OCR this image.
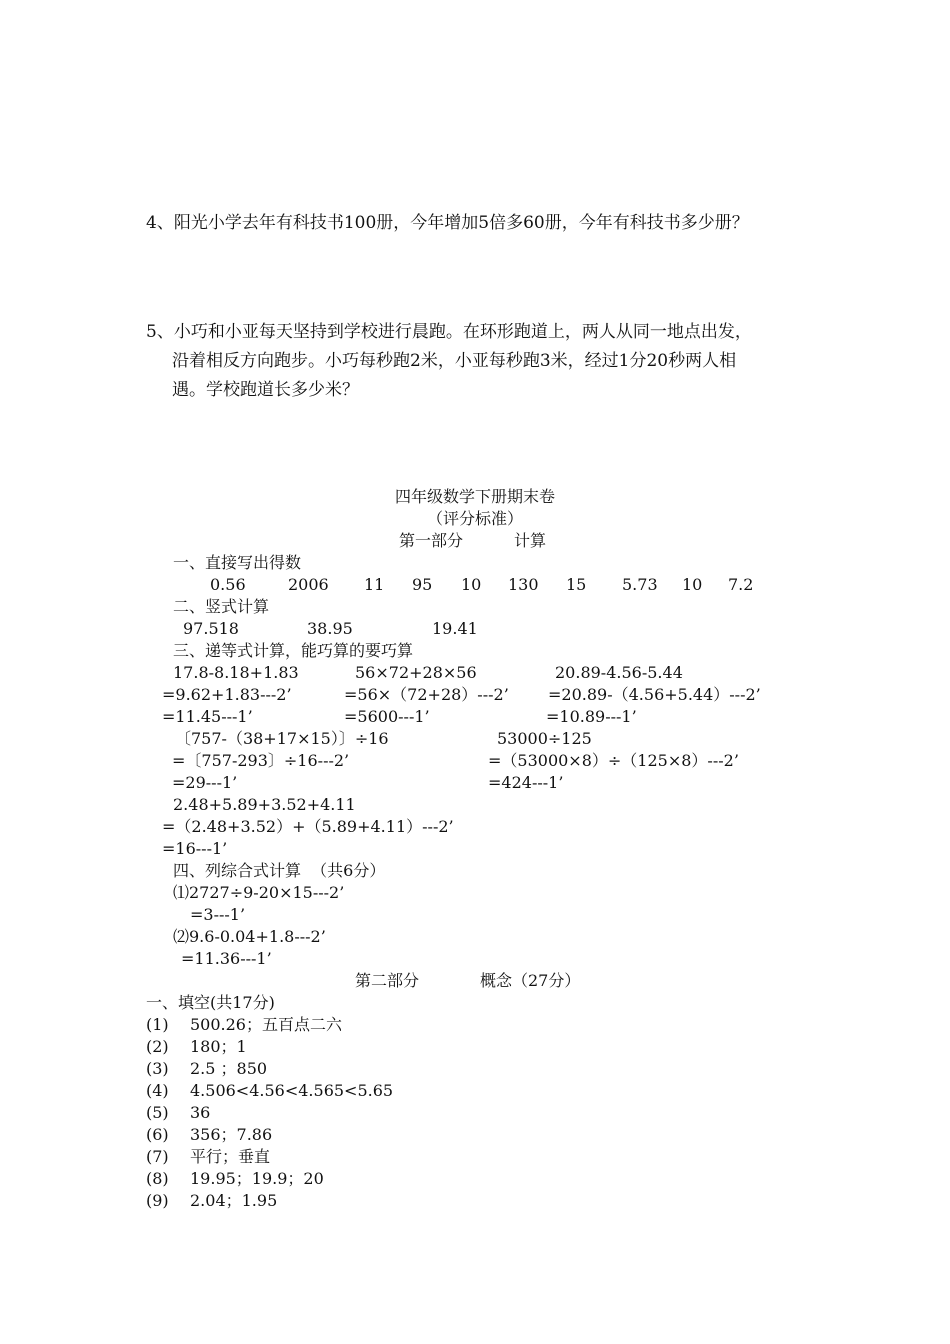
4、阳光小学去年有科技书100册，今年增加5倍多60册，今年有科技书多少册？
5、小巧和小亚每天坚持到学校进行晨跑。在环形跑道上，两人从同一地点出发，
沿着相反方向跑步。小巧每秒跑2米，小亚每秒跑3米，经过1分20秒两人相
遇。学校跑道长多少米？
四年级数学下册期末卷
（评分标准）
第一部分	计算
一、直接写出得数
0.56	2006 11 95 10 130 15 5.73 10 7.2
二、竖式计算
97.518	38.95	19.41
三、递等式计算，能巧算的要巧算
17.8-8.18+1.83
=9.62+1.83---2’
=11.45---1’
56×72+28×56
=56×（72+28）---2’
=5600---1’
20.89-4.56-5.44
=20.89-（4.56+5.44）---2’
=10.89---1’
〔757-（38+17×15）〕÷16
=〔757-293〕÷16---2’
=29---1’
53000÷125
=（53000×8）÷（125×8）---2’
=424---1’
2.48+5.89+3.52+4.11
=（2.48+3.52）+（5.89+4.11）---2’
=16---1’
四、列综合式计算  （共6分）
⑴2727÷9-20×15---2’
=3---1’
⑵9.6-0.04+1.8---2’
=11.36---1’
第二部分	概念（27分）
一、填空(共17分)
(1) 500.26；五百点二六
(2) 180；1
(3) 2.5 ；850
(4) 4.506<4.56<4.565<5.65
(5) 36
(6) 356；7.86
(7) 平行；垂直
(8) 19.95；19.9；20
(9) 2.04；1.95
